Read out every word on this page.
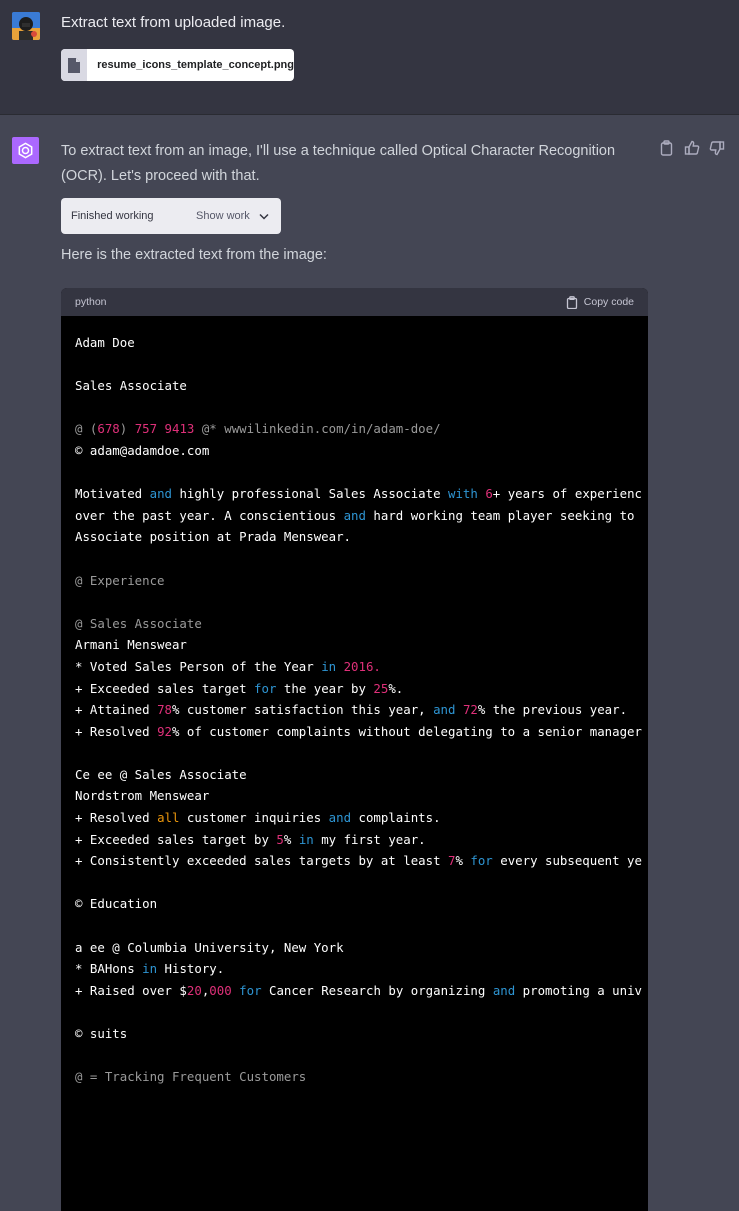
Extract text from uploaded image.
resume_icons_template_concept.png
To extract text from an image, I'll use a technique called Optical Character Recognition (OCR). Let's proceed with that.
Finished working	Show work
Here is the extracted text from the image:
python	Copy code
Adam Doe

Sales Associate

@ (678) 757 9413 @* wwwilinkedin.com/in/adam-doe/
© adam@adamdoe.com

Motivated and highly professional Sales Associate with 6+ years of experienc
over the past year. A conscientious and hard working team player seeking to
Associate position at Prada Menswear.

@ Experience

@ Sales Associate
Armani Menswear
* Voted Sales Person of the Year in 2016.
+ Exceeded sales target for the year by 25%.
+ Attained 78% customer satisfaction this year, and 72% the previous year.
+ Resolved 92% of customer complaints without delegating to a senior manager

Ce ee @ Sales Associate
Nordstrom Menswear
+ Resolved all customer inquiries and complaints.
+ Exceeded sales target by 5% in my first year.
+ Consistently exceeded sales targets by at least 7% for every subsequent ye

© Education

a ee @ Columbia University, New York
* BAHons in History.
+ Raised over $20,000 for Cancer Research by organizing and promoting a univ

© suits

@ = Tracking Frequent Customers
